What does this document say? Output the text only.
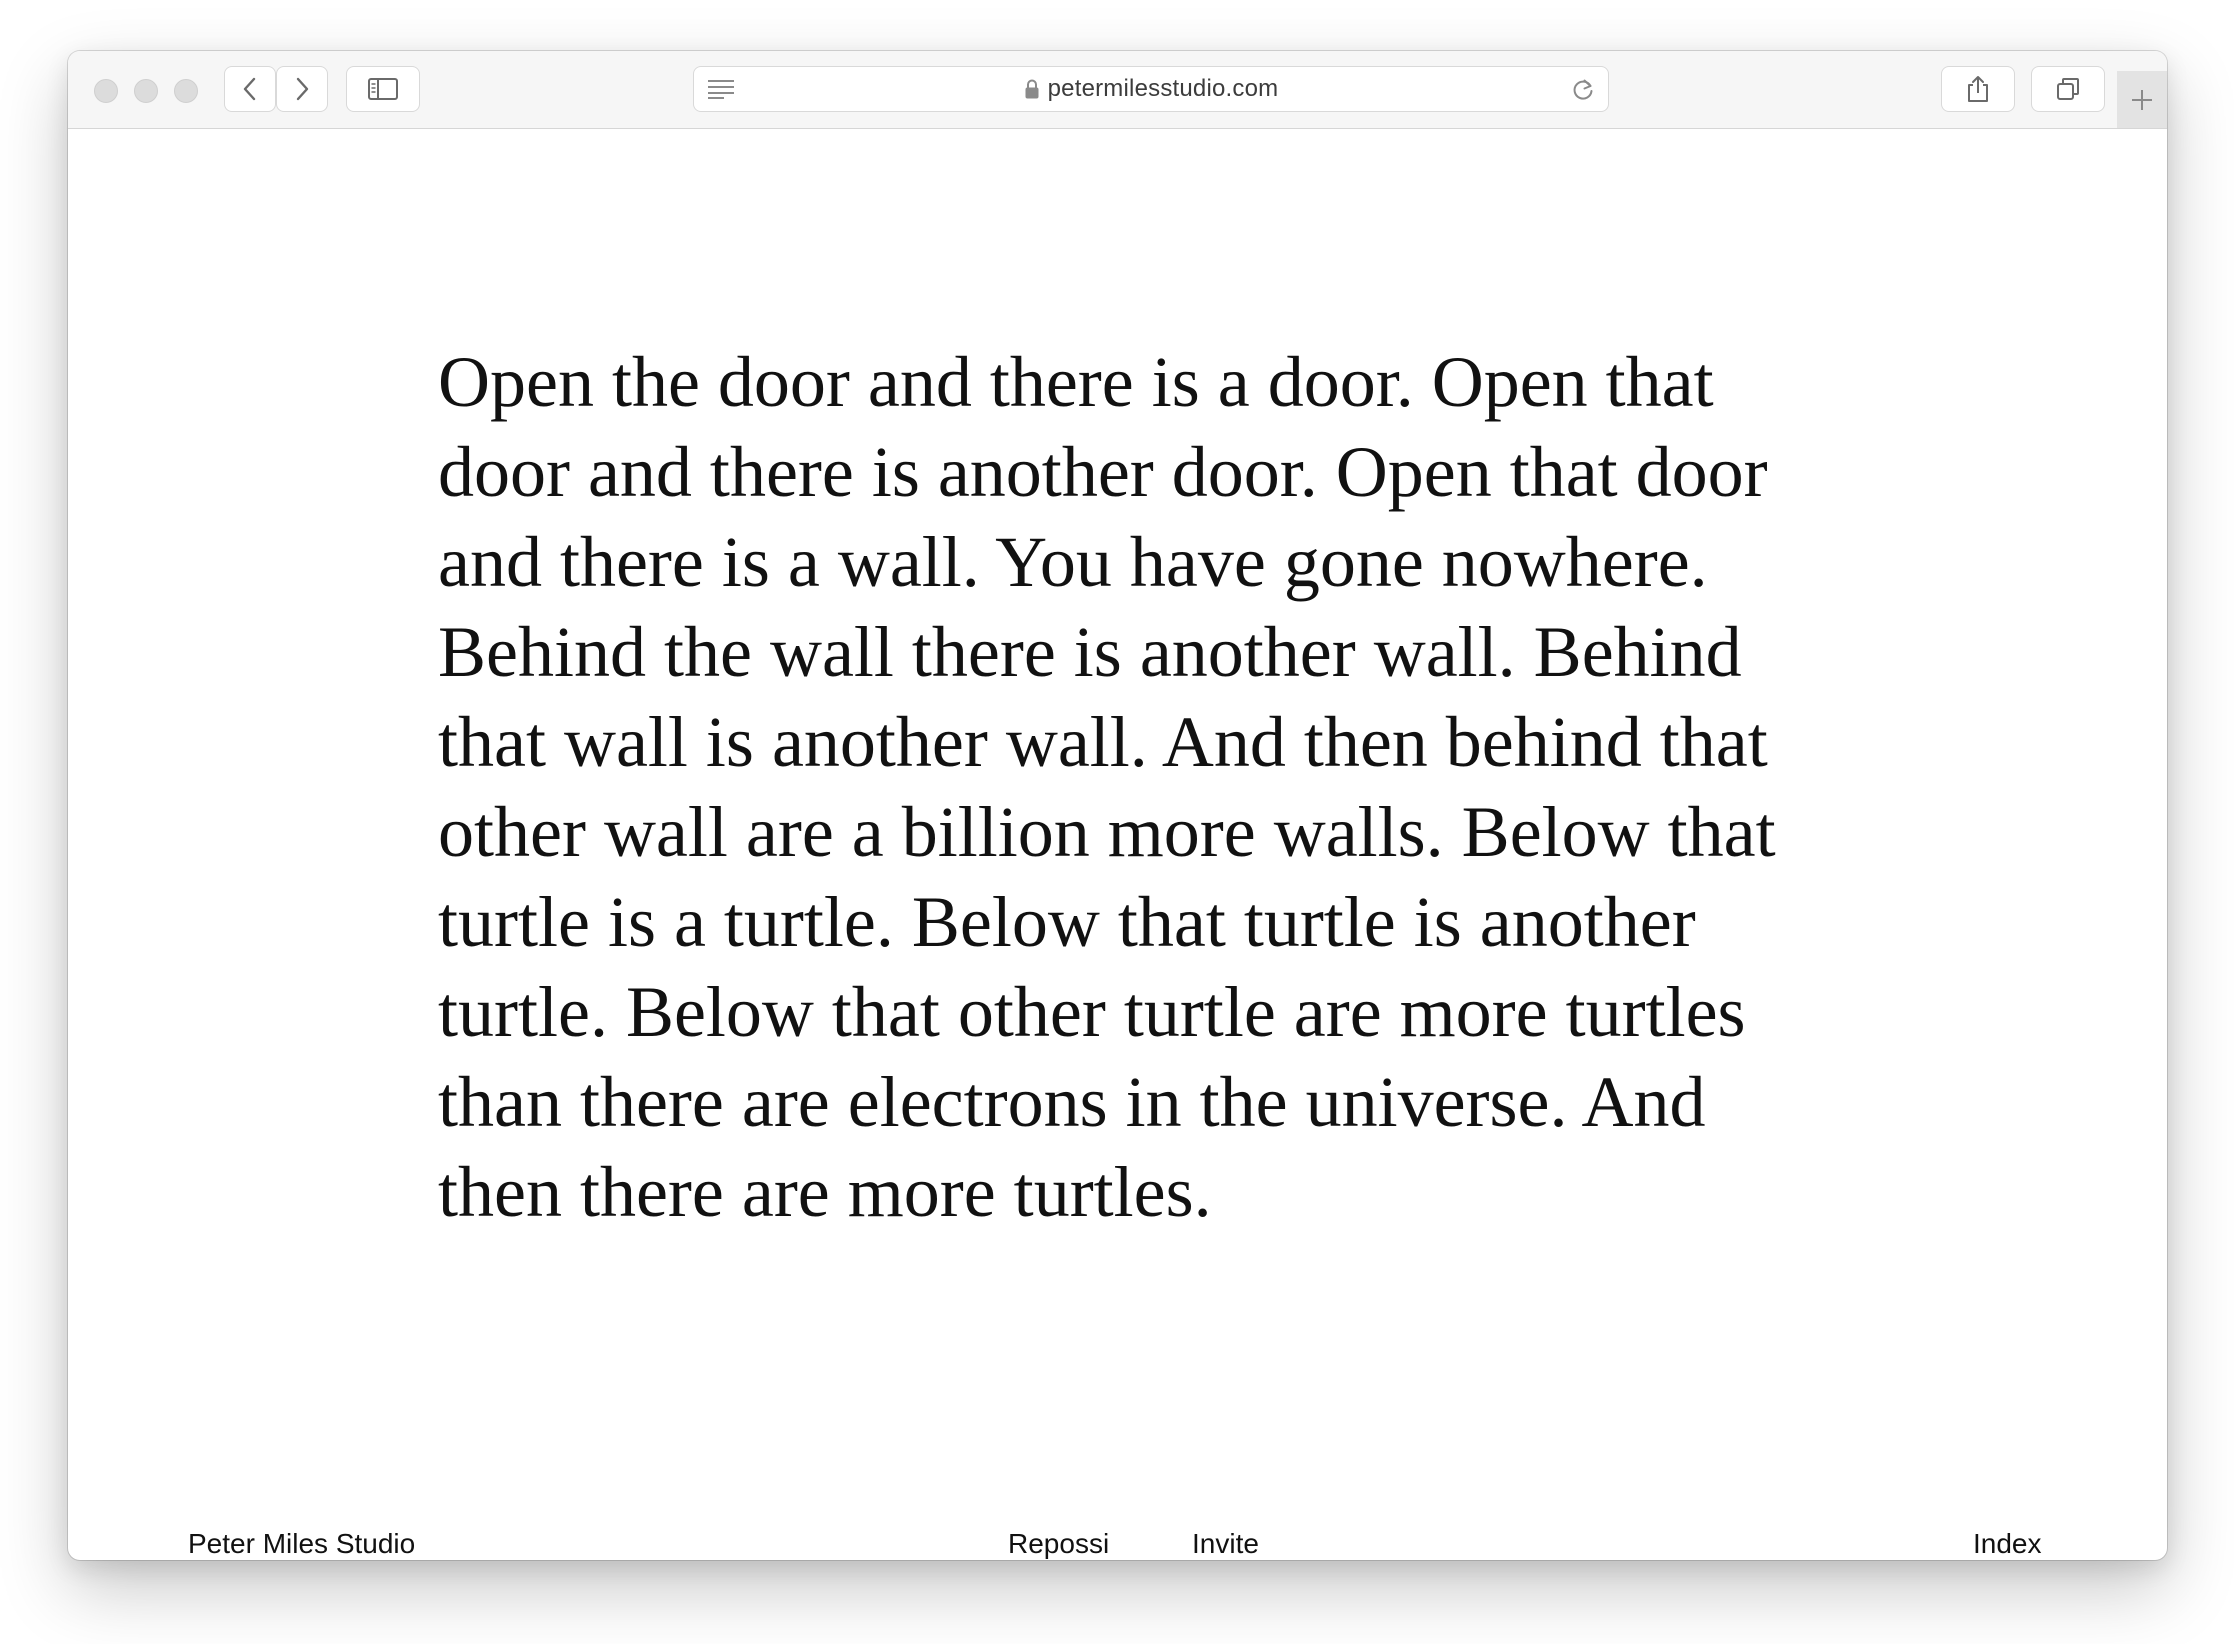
petermilesstudio.com

Open the door and there is a door. Open that door and there is another door. Open that door and there is a wall. You have gone nowhere. Behind the wall there is another wall. Behind that wall is another wall. And then behind that other wall are a billion more walls. Below that turtle is a turtle. Below that turtle is another turtle. Below that other turtle are more turtles than there are electrons in the universe. And then there are more turtles.

Peter Miles Studio	Repossi	Invite	Index
